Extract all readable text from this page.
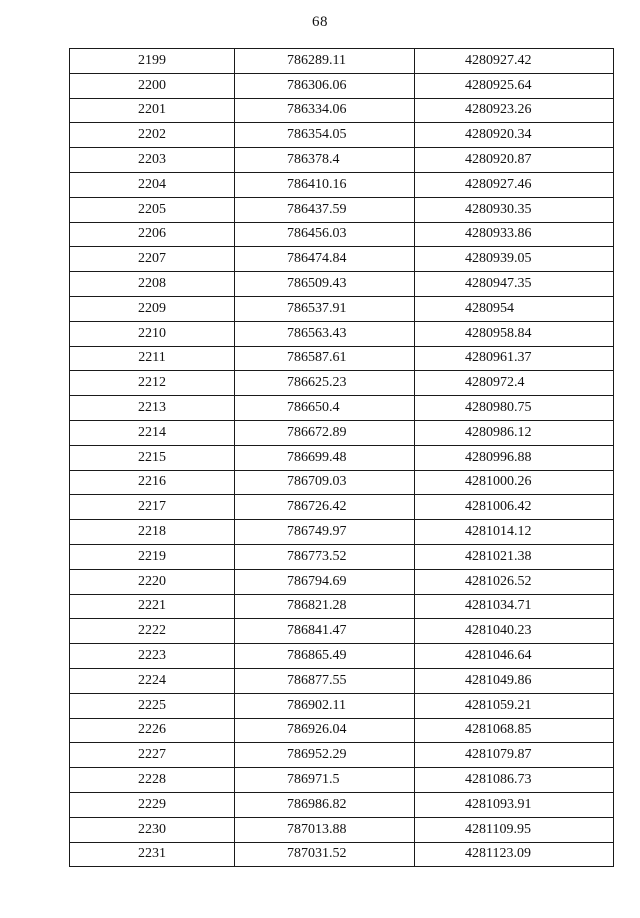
68
2199	786289.11	4280927.42
2200	786306.06	4280925.64
2201	786334.06	4280923.26
2202	786354.05	4280920.34
2203	786378.4	4280920.87
2204	786410.16	4280927.46
2205	786437.59	4280930.35
2206	786456.03	4280933.86
2207	786474.84	4280939.05
2208	786509.43	4280947.35
2209	786537.91	4280954
2210	786563.43	4280958.84
2211	786587.61	4280961.37
2212	786625.23	4280972.4
2213	786650.4	4280980.75
2214	786672.89	4280986.12
2215	786699.48	4280996.88
2216	786709.03	4281000.26
2217	786726.42	4281006.42
2218	786749.97	4281014.12
2219	786773.52	4281021.38
2220	786794.69	4281026.52
2221	786821.28	4281034.71
2222	786841.47	4281040.23
2223	786865.49	4281046.64
2224	786877.55	4281049.86
2225	786902.11	4281059.21
2226	786926.04	4281068.85
2227	786952.29	4281079.87
2228	786971.5	4281086.73
2229	786986.82	4281093.91
2230	787013.88	4281109.95
2231	787031.52	4281123.09
